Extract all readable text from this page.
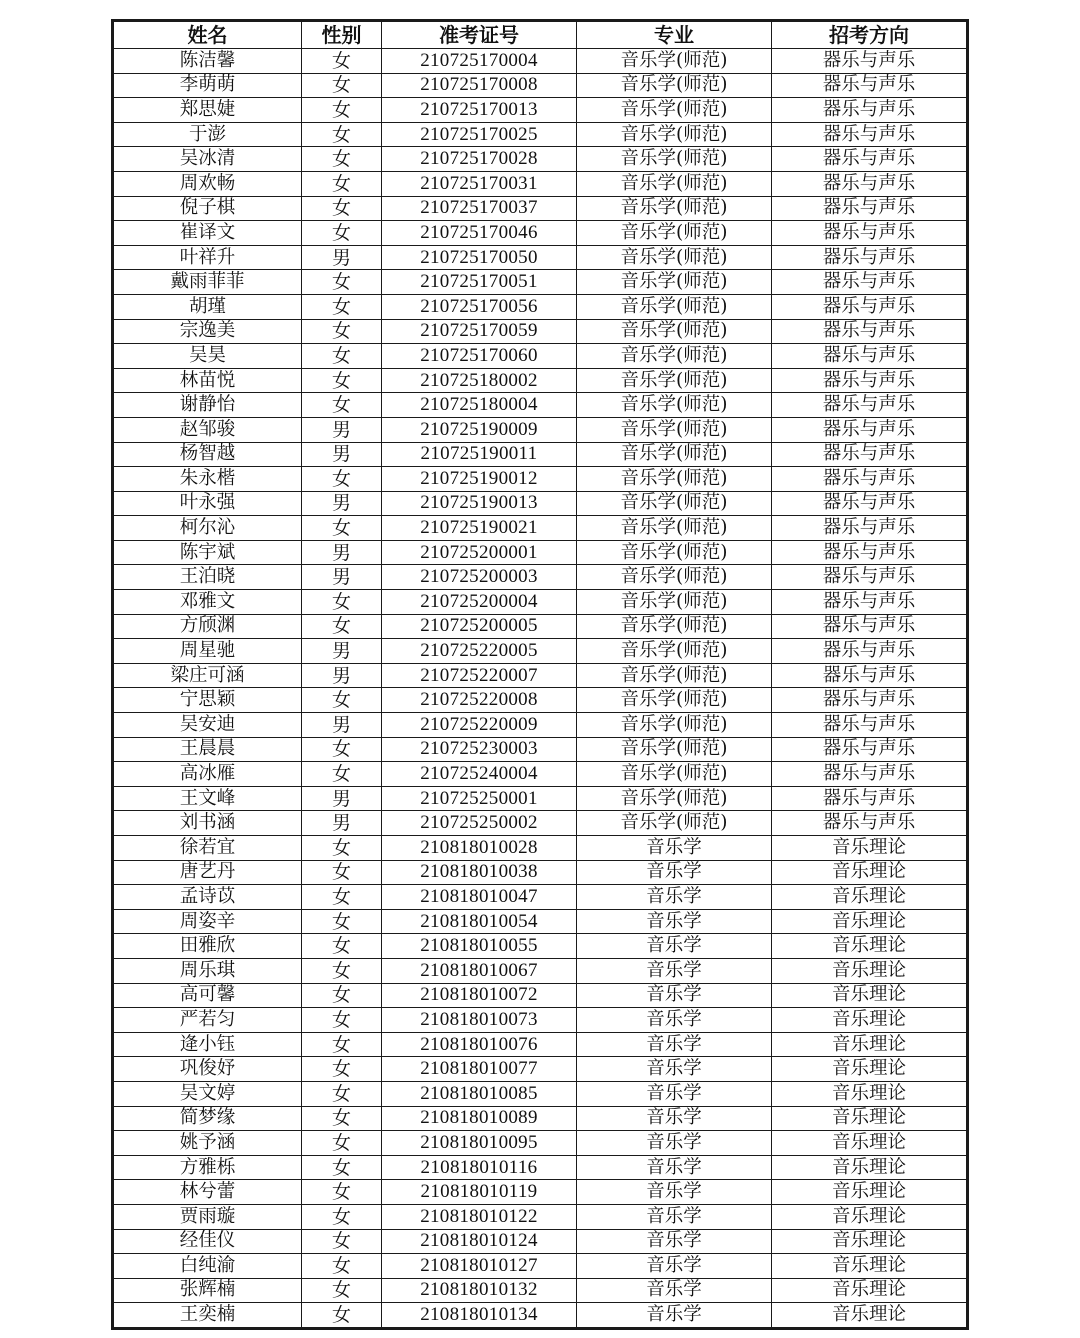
姓名	性别	准考证号	专业	招考方向
陈洁馨	女	210725170004	音乐学(师范)	器乐与声乐
李萌萌	女	210725170008	音乐学(师范)	器乐与声乐
郑思婕	女	210725170013	音乐学(师范)	器乐与声乐
于澎	女	210725170025	音乐学(师范)	器乐与声乐
吴冰清	女	210725170028	音乐学(师范)	器乐与声乐
周欢畅	女	210725170031	音乐学(师范)	器乐与声乐
倪子棋	女	210725170037	音乐学(师范)	器乐与声乐
崔译文	女	210725170046	音乐学(师范)	器乐与声乐
叶祥升	男	210725170050	音乐学(师范)	器乐与声乐
戴雨菲菲	女	210725170051	音乐学(师范)	器乐与声乐
胡瑾	女	210725170056	音乐学(师范)	器乐与声乐
宗逸美	女	210725170059	音乐学(师范)	器乐与声乐
吴昊	女	210725170060	音乐学(师范)	器乐与声乐
林苗悦	女	210725180002	音乐学(师范)	器乐与声乐
谢静怡	女	210725180004	音乐学(师范)	器乐与声乐
赵邹骏	男	210725190009	音乐学(师范)	器乐与声乐
杨智越	男	210725190011	音乐学(师范)	器乐与声乐
朱永楷	女	210725190012	音乐学(师范)	器乐与声乐
叶永强	男	210725190013	音乐学(师范)	器乐与声乐
柯尔沁	女	210725190021	音乐学(师范)	器乐与声乐
陈宇斌	男	210725200001	音乐学(师范)	器乐与声乐
王泊晓	男	210725200003	音乐学(师范)	器乐与声乐
邓雅文	女	210725200004	音乐学(师范)	器乐与声乐
方颀渊	女	210725200005	音乐学(师范)	器乐与声乐
周星驰	男	210725220005	音乐学(师范)	器乐与声乐
梁庄可涵	男	210725220007	音乐学(师范)	器乐与声乐
宁思颖	女	210725220008	音乐学(师范)	器乐与声乐
吴安迪	男	210725220009	音乐学(师范)	器乐与声乐
王晨晨	女	210725230003	音乐学(师范)	器乐与声乐
高冰雁	女	210725240004	音乐学(师范)	器乐与声乐
王文峰	男	210725250001	音乐学(师范)	器乐与声乐
刘书涵	男	210725250002	音乐学(师范)	器乐与声乐
徐若宜	女	210818010028	音乐学	音乐理论
唐艺丹	女	210818010038	音乐学	音乐理论
孟诗苡	女	210818010047	音乐学	音乐理论
周姿辛	女	210818010054	音乐学	音乐理论
田雅欣	女	210818010055	音乐学	音乐理论
周乐琪	女	210818010067	音乐学	音乐理论
高可馨	女	210818010072	音乐学	音乐理论
严若匀	女	210818010073	音乐学	音乐理论
逄小钰	女	210818010076	音乐学	音乐理论
巩俊妤	女	210818010077	音乐学	音乐理论
吴文婷	女	210818010085	音乐学	音乐理论
简梦缘	女	210818010089	音乐学	音乐理论
姚予涵	女	210818010095	音乐学	音乐理论
方雅栎	女	210818010116	音乐学	音乐理论
林兮蕾	女	210818010119	音乐学	音乐理论
贾雨璇	女	210818010122	音乐学	音乐理论
经佳仪	女	210818010124	音乐学	音乐理论
白纯渝	女	210818010127	音乐学	音乐理论
张辉楠	女	210818010132	音乐学	音乐理论
王奕楠	女	210818010134	音乐学	音乐理论
